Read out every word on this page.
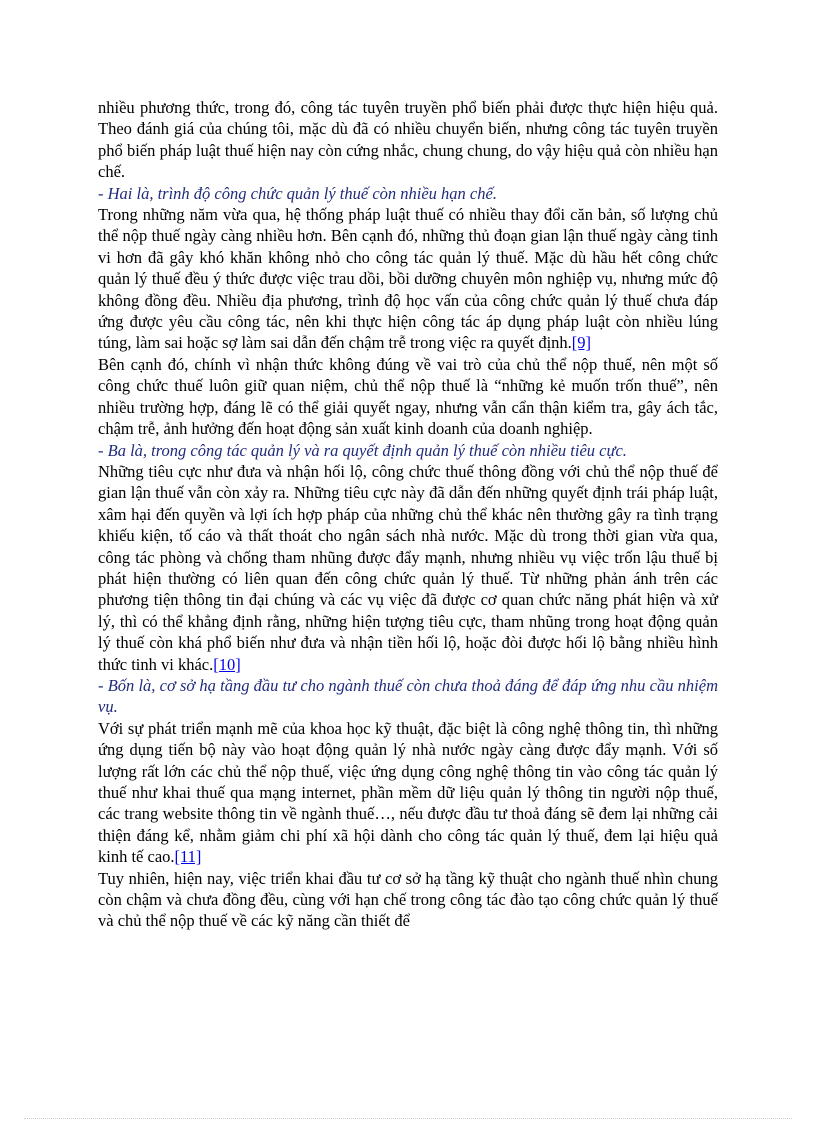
nhiều phương thức, trong đó, công tác tuyên truyền phổ biến phải được thực hiện hiệu quả. Theo đánh giá của chúng tôi, mặc dù đã có nhiều chuyển biến, nhưng công tác tuyên truyền phổ biến pháp luật thuế hiện nay còn cứng nhắc, chung chung, do vậy hiệu quả còn nhiều hạn chế.

- Hai là, trình độ công chức quản lý thuế còn nhiều hạn chế.

Trong những năm vừa qua, hệ thống pháp luật thuế có nhiều thay đổi căn bản, số lượng chủ thể nộp thuế ngày càng nhiều hơn. Bên cạnh đó, những thủ đoạn gian lận thuế ngày càng tinh vi hơn đã gây khó khăn không nhỏ cho công tác quản lý thuế. Mặc dù hầu hết công chức quản lý thuế đều ý thức được việc trau dồi, bồi dưỡng chuyên môn nghiệp vụ, nhưng mức độ không đồng đều. Nhiều địa phương, trình độ học vấn của công chức quản lý thuế chưa đáp ứng được yêu cầu công tác, nên khi thực hiện công tác áp dụng pháp luật còn nhiều lúng túng, làm sai hoặc sợ làm sai dẫn đến chậm trễ trong việc ra quyết định.[9]

Bên cạnh đó, chính vì nhận thức không đúng về vai trò của chủ thể nộp thuế, nên một số công chức thuế luôn giữ quan niệm, chủ thể nộp thuế là “những kẻ muốn trốn thuế”, nên nhiều trường hợp, đáng lẽ có thể giải quyết ngay, nhưng vẫn cẩn thận kiểm tra, gây ách tắc, chậm trễ, ảnh hưởng đến hoạt động sản xuất kinh doanh của doanh nghiệp.

- Ba là, trong công tác quản lý và ra quyết định quản lý thuế còn nhiều tiêu cực.

Những tiêu cực như đưa và nhận hối lộ, công chức thuế thông đồng với chủ thể nộp thuế để gian lận thuế vẫn còn xảy ra. Những tiêu cực này đã dẫn đến những quyết định trái pháp luật, xâm hại đến quyền và lợi ích hợp pháp của những chủ thể khác nên thường gây ra tình trạng khiếu kiện, tố cáo và thất thoát cho ngân sách nhà nước. Mặc dù trong thời gian vừa qua, công tác phòng và chống tham nhũng được đẩy mạnh, nhưng nhiều vụ việc trốn lậu thuế bị phát hiện thường có liên quan đến công chức quản lý thuế. Từ những phản ánh trên các phương tiện thông tin đại chúng và các vụ việc đã được cơ quan chức năng phát hiện và xử lý, thì có thể khẳng định rằng, những hiện tượng tiêu cực, tham nhũng trong hoạt động quản lý thuế còn khá phổ biến như đưa và nhận tiền hối lộ, hoặc đòi được hối lộ bằng nhiều hình thức tinh vi khác.[10]

- Bốn là, cơ sở hạ tầng đầu tư cho ngành thuế còn chưa thoả đáng để đáp ứng nhu cầu nhiệm vụ.

Với sự phát triển mạnh mẽ của khoa học kỹ thuật, đặc biệt là công nghệ thông tin, thì những ứng dụng tiến bộ này vào hoạt động quản lý nhà nước ngày càng được đẩy mạnh. Với số lượng rất lớn các chủ thể nộp thuế, việc ứng dụng công nghệ thông tin vào công tác quản lý thuế như khai thuế qua mạng internet, phần mềm dữ liệu quản lý thông tin người nộp thuế, các trang website thông tin về ngành thuế…, nếu được đầu tư thoả đáng sẽ đem lại những cải thiện đáng kể, nhằm giảm chi phí xã hội dành cho công tác quản lý thuế, đem lại hiệu quả kinh tế cao.[11]

Tuy nhiên, hiện nay, việc triển khai đầu tư cơ sở hạ tầng kỹ thuật cho ngành thuế nhìn chung còn chậm và chưa đồng đều, cùng với hạn chế trong công tác đào tạo công chức quản lý thuế và chủ thể nộp thuế về các kỹ năng cần thiết để
